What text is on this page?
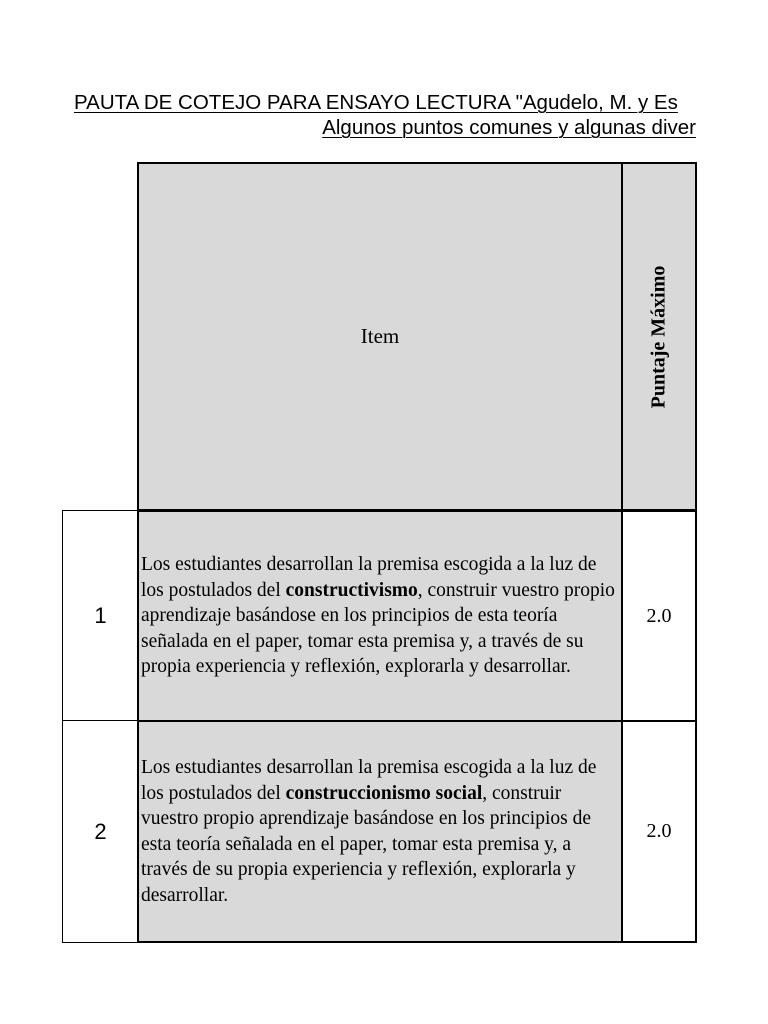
PAUTA DE COTEJO PARA ENSAYO LECTURA "Agudelo, M. y Es
Algunos puntos comunes y algunas diver
Item	Puntaje Máximo
1

Los estudiantes desarrollan la premisa escogida a la luz de los postulados del constructivismo, construir vuestro propio aprendizaje basándose en los principios de esta teoría señalada en el paper, tomar esta premisa y, a través de su propia experiencia y reflexión, explorarla y desarrollar.

2.0
2

Los estudiantes desarrollan la premisa escogida a la luz de los postulados del construccionismo social, construir vuestro propio aprendizaje basándose en los principios de esta teoría señalada en el paper, tomar esta premisa y, a través de su propia experiencia y reflexión, explorarla y desarrollar.

2.0
